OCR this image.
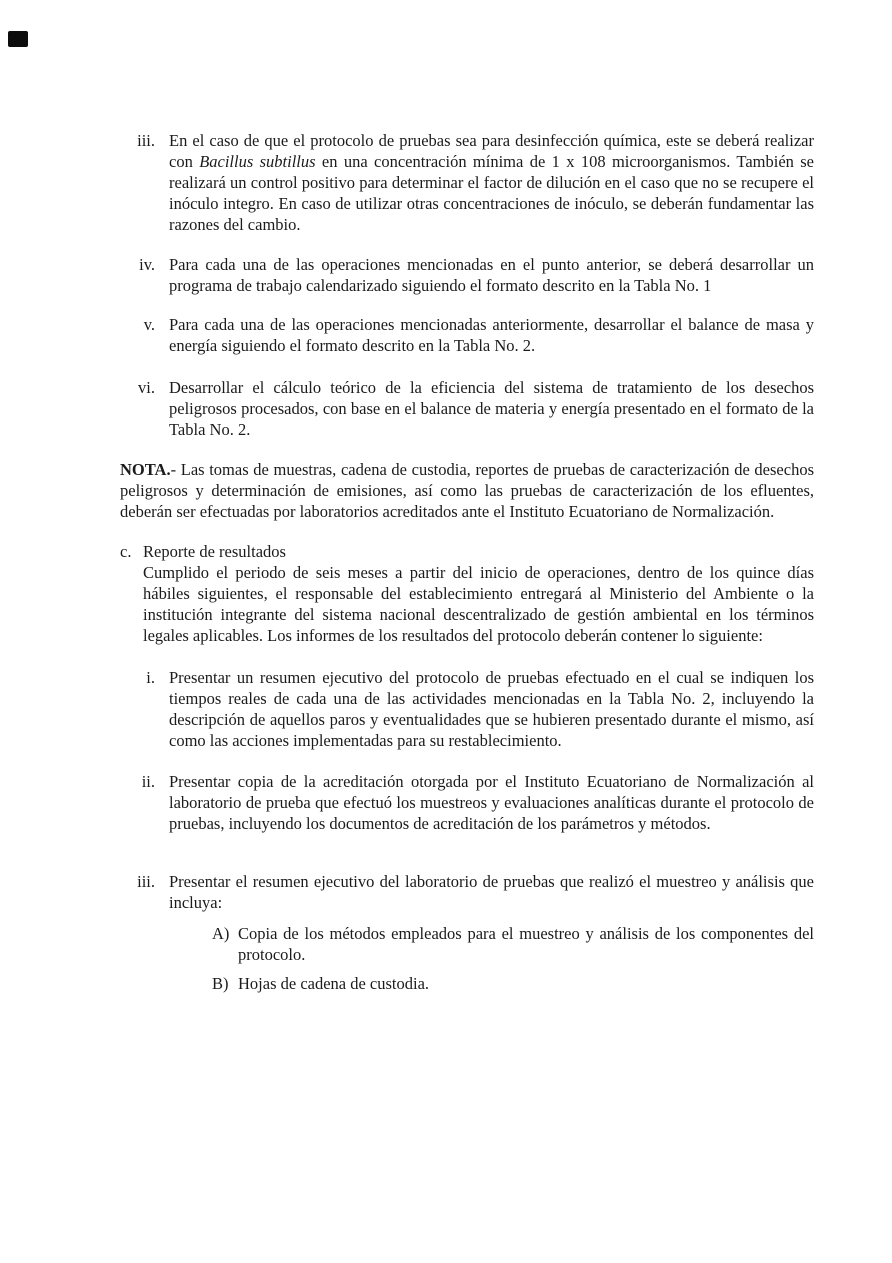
iii. En el caso de que el protocolo de pruebas sea para desinfección química, este se deberá realizar con Bacillus subtillus en una concentración mínima de 1 x 108 microorganismos. También se realizará un control positivo para determinar el factor de dilución en el caso que no se recupere el inóculo integro. En caso de utilizar otras concentraciones de inóculo, se deberán fundamentar las razones del cambio.
iv. Para cada una de las operaciones mencionadas en el punto anterior, se deberá desarrollar un programa de trabajo calendarizado siguiendo el formato descrito en la Tabla No. 1
v. Para cada una de las operaciones mencionadas anteriormente, desarrollar el balance de masa y energía siguiendo el formato descrito en la Tabla No. 2.
vi. Desarrollar el cálculo teórico de la eficiencia del sistema de tratamiento de los desechos peligrosos procesados, con base en el balance de materia y energía presentado en el formato de la Tabla No. 2.
NOTA.- Las tomas de muestras, cadena de custodia, reportes de pruebas de caracterización de desechos peligrosos y determinación de emisiones, así como las pruebas de caracterización de los efluentes, deberán ser efectuadas por laboratorios acreditados ante el Instituto Ecuatoriano de Normalización.
c. Reporte de resultados
Cumplido el periodo de seis meses a partir del inicio de operaciones, dentro de los quince días hábiles siguientes, el responsable del establecimiento entregará al Ministerio del Ambiente o la institución integrante del sistema nacional descentralizado de gestión ambiental en los términos legales aplicables. Los informes de los resultados del protocolo deberán contener lo siguiente:
i. Presentar un resumen ejecutivo del protocolo de pruebas efectuado en el cual se indiquen los tiempos reales de cada una de las actividades mencionadas en la Tabla No. 2, incluyendo la descripción de aquellos paros y eventualidades que se hubieren presentado durante el mismo, así como las acciones implementadas para su restablecimiento.
ii. Presentar copia de la acreditación otorgada por el Instituto Ecuatoriano de Normalización al laboratorio de prueba que efectuó los muestreos y evaluaciones analíticas durante el protocolo de pruebas, incluyendo los documentos de acreditación de los parámetros y métodos.
iii. Presentar el resumen ejecutivo del laboratorio de pruebas que realizó el muestreo y análisis que incluya:
A) Copia de los métodos empleados para el muestreo y análisis de los componentes del protocolo.
B) Hojas de cadena de custodia.
